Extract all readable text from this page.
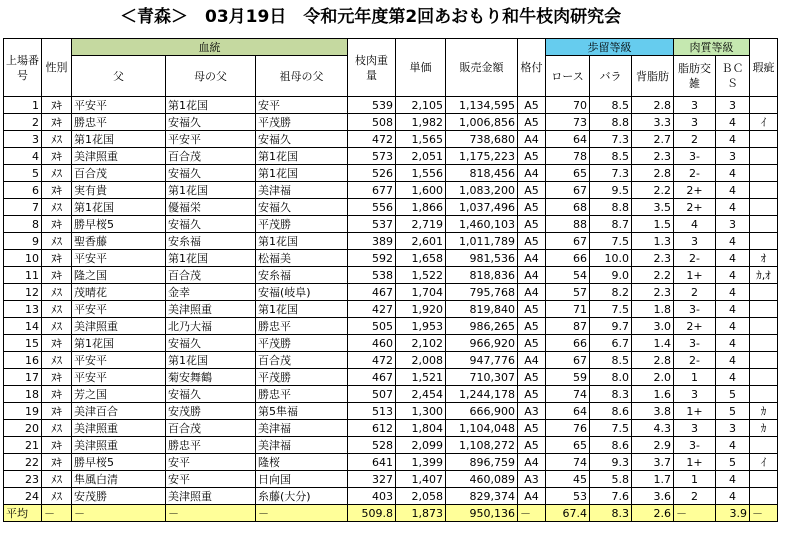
＜青森＞　03月19日　令和元年度第2回あおもり和牛枝肉研究会
上場番号	性別	血統			枝肉重量	単価	販売金額	格付	歩留等級			肉質等級		瑕疵
		父	母の父	祖母の父					ロース	バラ	背脂肪	脂肪交雑	ＢＣＳ	

1	ﾇｷ	平安平	第1花国	安平	539	2,105	1,134,595	A5	70	8.5	2.8	3	3	
2	ﾇｷ	勝忠平	安福久	平茂勝	508	1,982	1,006,856	A5	73	8.8	3.3	3	4	ｲ
3	ﾒｽ	第1花国	平安平	安福久	472	1,565	738,680	A4	64	7.3	2.7	2	4	
4	ﾇｷ	美津照重	百合茂	第1花国	573	2,051	1,175,223	A5	78	8.5	2.3	3-	3	
5	ﾒｽ	百合茂	安福久	第1花国	526	1,556	818,456	A4	65	7.3	2.8	2-	4	
6	ﾇｷ	実有貴	第1花国	美津福	677	1,600	1,083,200	A5	67	9.5	2.2	2+	4	
7	ﾒｽ	第1花国	優福栄	安福久	556	1,866	1,037,496	A5	68	8.8	3.5	2+	4	
8	ﾇｷ	勝早桜5	安福久	平茂勝	537	2,719	1,460,103	A5	88	8.7	1.5	4	3	
9	ﾒｽ	聖香藤	安糸福	第1花国	389	2,601	1,011,789	A5	67	7.5	1.3	3	4	
10	ﾇｷ	平安平	第1花国	松福美	592	1,658	981,536	A4	66	10.0	2.3	2-	4	ｵ
11	ﾇｷ	隆之国	百合茂	安糸福	538	1,522	818,836	A4	54	9.0	2.2	1+	4	ｶ,ｵ
12	ﾒｽ	茂晴花	金幸	安福(岐阜)	467	1,704	795,768	A4	57	8.2	2.3	2	4	
13	ﾒｽ	平安平	美津照重	第1花国	427	1,920	819,840	A5	71	7.5	1.8	3-	4	
14	ﾒｽ	美津照重	北乃大福	勝忠平	505	1,953	986,265	A5	87	9.7	3.0	2+	4	
15	ﾇｷ	第1花国	安福久	平茂勝	460	2,102	966,920	A5	66	6.7	1.4	3-	4	
16	ﾒｽ	平安平	第1花国	百合茂	472	2,008	947,776	A4	67	8.5	2.8	2-	4	
17	ﾇｷ	平安平	菊安舞鶴	平茂勝	467	1,521	710,307	A5	59	8.0	2.0	1	4	
18	ﾇｷ	芳之国	安福久	勝忠平	507	2,454	1,244,178	A5	74	8.3	1.6	3	5	
19	ﾇｷ	美津百合	安茂勝	第5隼福	513	1,300	666,900	A3	64	8.6	3.8	1+	5	ｶ
20	ﾒｽ	美津照重	百合茂	美津福	612	1,804	1,104,048	A5	76	7.5	4.3	3	3	ｶ
21	ﾇｷ	美津照重	勝忠平	美津福	528	2,099	1,108,272	A5	65	8.6	2.9	3-	4	
22	ﾇｷ	勝早桜5	安平	隆桜	641	1,399	896,759	A4	74	9.3	3.7	1+	5	ｲ
23	ﾒｽ	隼風白清	安平	日向国	327	1,407	460,089	A3	45	5.8	1.7	1	4	
24	ﾒｽ	安茂勝	美津照重	糸藤(大分)	403	2,058	829,374	A4	53	7.6	3.6	2	4	
平均	－	－	－	－	509.8	1,873	950,136	－	67.4	8.3	2.6	－	3.9	－
